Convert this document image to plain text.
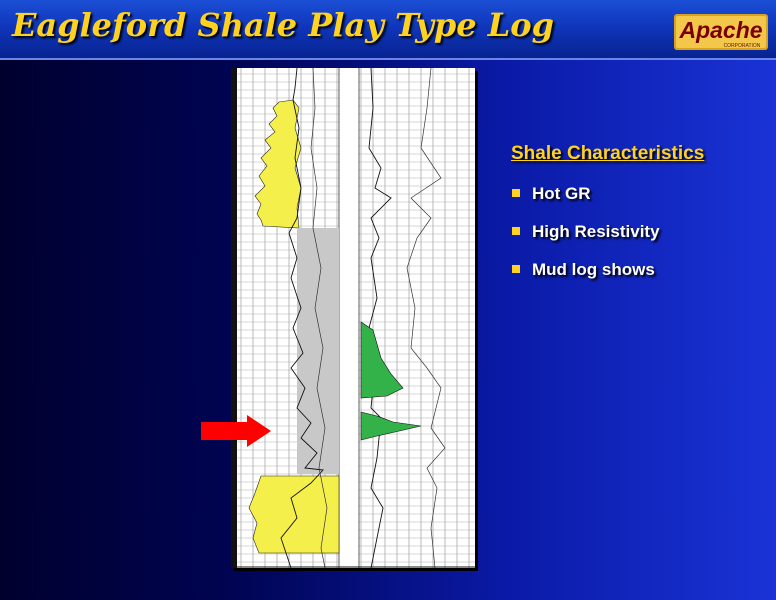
Eagleford Shale Play Type Log	Apache
CORPORATION
Shale Characteristics
Hot GR
High Resistivity
Mud log shows
